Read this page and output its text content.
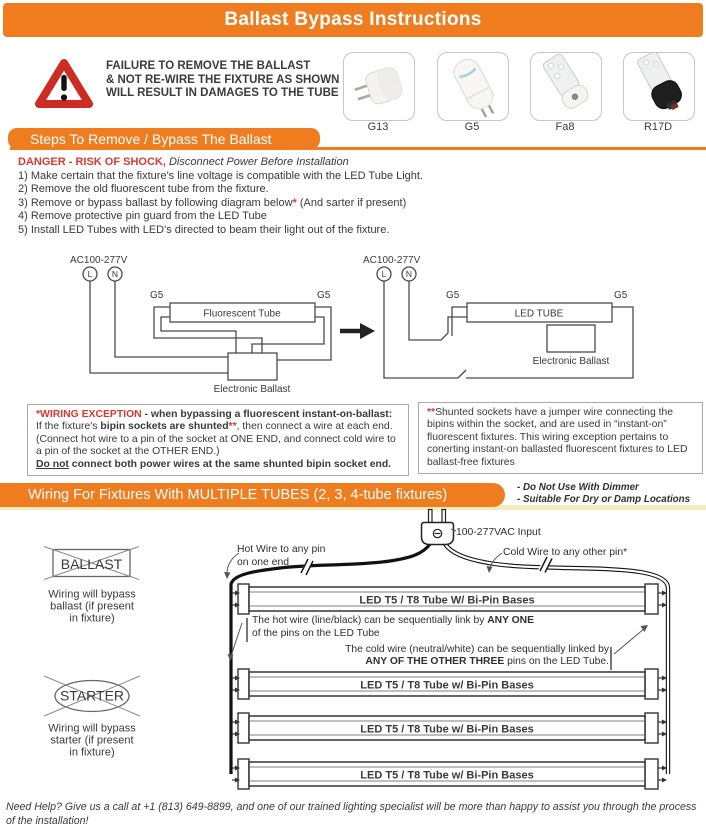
Ballast Bypass Instructions
FAILURE TO REMOVE THE BALLAST
& NOT RE-WIRE THE FIXTURE AS SHOWN
WILL RESULT IN DAMAGES TO THE TUBE
G13	G5	Fa8	R17D
Steps To Remove / Bypass The Ballast
DANGER - RISK OF SHOCK, Disconnect Power Before Installation
1) Make certain that the fixture's line voltage is compatible with the LED Tube Light.
2) Remove the old fluorescent tube from the fixture.
3) Remove or bypass ballast by following diagram below* (And sarter if present)
4) Remove protective pin guard from the LED Tube
5) Install LED Tubes with LED's directed to beam their light out of the fixture.
AC100-277V
L N
G5	G5
Fluorescent Tube
Electronic Ballast
AC100-277V
L N
G5	G5
LED TUBE
Electronic Ballast
*WIRING EXCEPTION - when bypassing a fluorescent instant-on-ballast:
If the fixture's bipin sockets are shunted**, then connect a wire at each end.
(Connect hot wire to a pin of the socket at ONE END, and connect cold wire to a pin of the socket at the OTHER END.)
Do not connect both power wires at the same shunted bipin socket end.
**Shunted sockets have a jumper wire connecting the bipins within the socket, and are used in “instant-on” fluorescent fixtures. This wiring exception pertains to conerting instant-on ballasted fluorescent fixtures to LED ballast-free fixtures
Wiring For Fixtures With MULTIPLE TUBES (2, 3, 4-tube fixtures)	- Do Not Use With Dimmer
- Suitable For Dry or Damp Locations
BALLAST
Wiring will bypass
ballast (if present
in fixture)
STARTER
Wiring will bypass
starter (if present
in fixture)
LED T5 / T8 Tube W/ Bi-Pin Bases
LED T5 / T8 Tube w/ Bi-Pin Bases
LED T5 / T8 Tube w/ Bi-Pin Bases
LED T5 / T8 Tube w/ Bi-Pin Bases
100-277VAC Input
Hot Wire to any pin
on one end
Cold Wire to any other pin*
The hot wire (line/black) can be sequentially link by ANY ONE
of the pins on the LED Tube
The cold wire (neutral/white) can be sequentially linked by
ANY OF THE OTHER THREE pins on the LED Tube.
Need Help? Give us a call at +1 (813) 649-8899, and one of our trained lighting specialist will be more than happy to assist you through the process of the installation!
